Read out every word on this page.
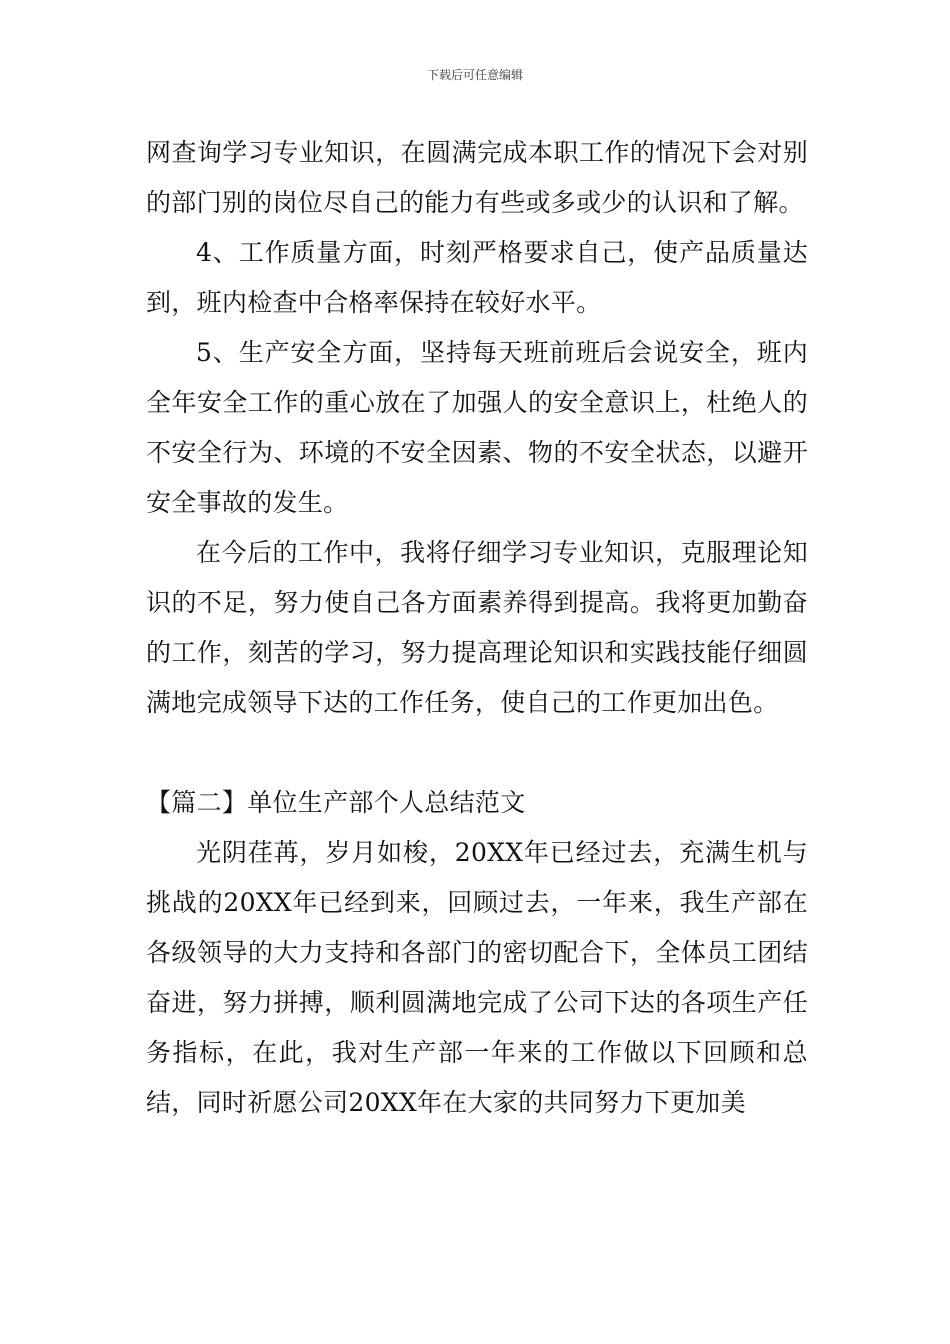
下载后可任意编辑

网查询学习专业知识，在圆满完成本职工作的情况下会对别的部门别的岗位尽自己的能力有些或多或少的认识和了解。

4、工作质量方面，时刻严格要求自己，使产品质量达到，班内检查中合格率保持在较好水平。

5、生产安全方面，坚持每天班前班后会说安全，班内全年安全工作的重心放在了加强人的安全意识上，杜绝人的不安全行为、环境的不安全因素、物的不安全状态，以避开安全事故的发生。

在今后的工作中，我将仔细学习专业知识，克服理论知识的不足，努力使自己各方面素养得到提高。我将更加勤奋的工作，刻苦的学习，努力提高理论知识和实践技能仔细圆满地完成领导下达的工作任务，使自己的工作更加出色。

【篇二】单位生产部个人总结范文

光阴荏苒，岁月如梭，20XX年已经过去，充满生机与挑战的20XX年已经到来，回顾过去，一年来，我生产部在各级领导的大力支持和各部门的密切配合下，全体员工团结奋进，努力拼搏，顺利圆满地完成了公司下达的各项生产任务指标，在此，我对生产部一年来的工作做以下回顾和总结，同时祈愿公司20XX年在大家的共同努力下更加美
